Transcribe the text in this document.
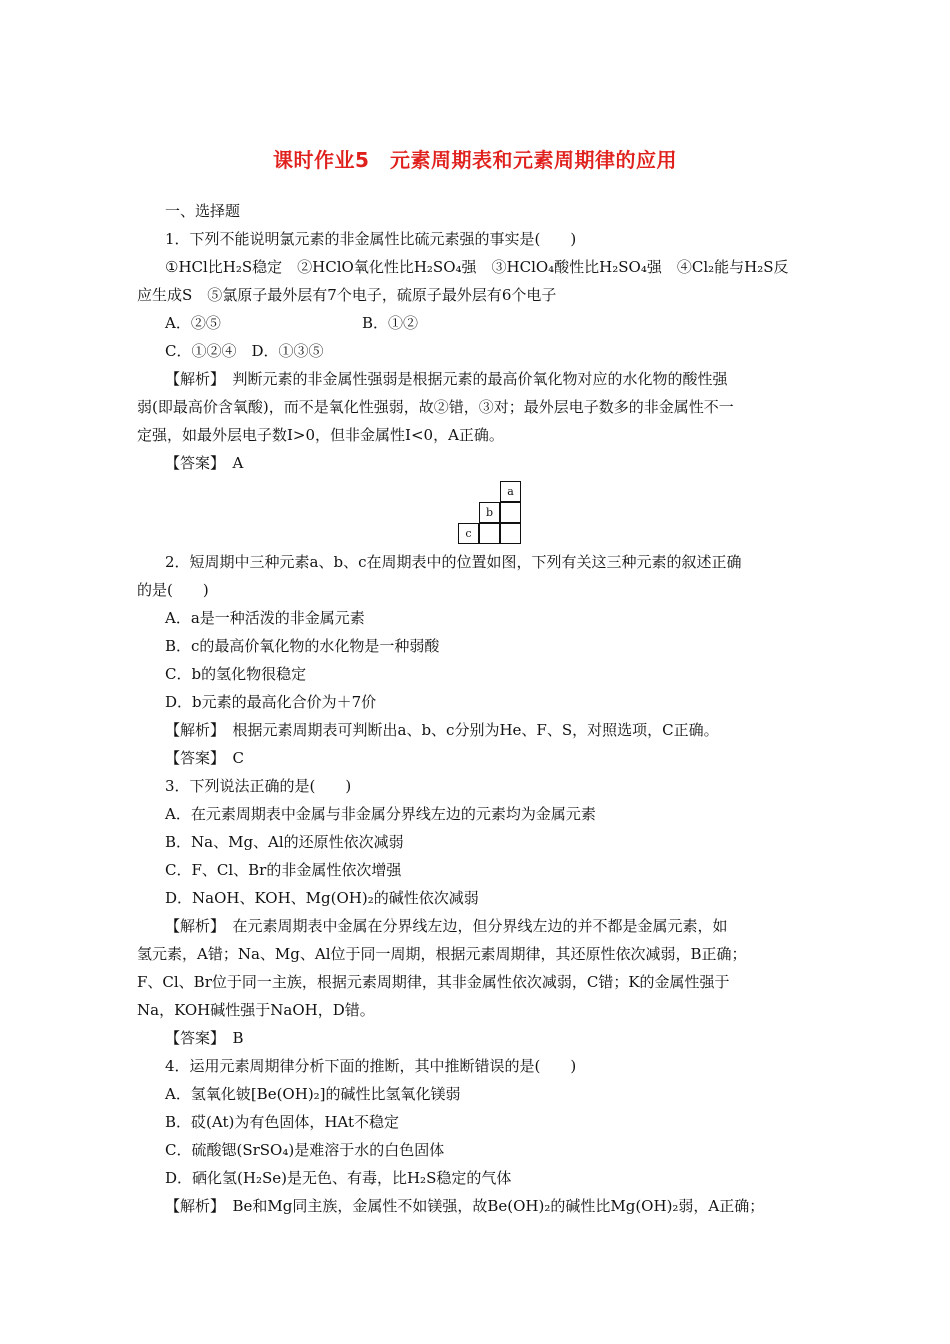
课时作业5　元素周期表和元素周期律的应用
一、选择题
1．下列不能说明氯元素的非金属性比硫元素强的事实是(　　)
①HCl比H₂S稳定　②HClO氧化性比H₂SO₄强　③HClO₄酸性比H₂SO₄强　④Cl₂能与H₂S反
应生成S　⑤氯原子最外层有7个电子，硫原子最外层有6个电子
A．②⑤	B．①②
C．①②④　D．①③⑤
【解析】　判断元素的非金属性强弱是根据元素的最高价氧化物对应的水化物的酸性强
弱(即最高价含氧酸)，而不是氧化性强弱，故②错，③对；最外层电子数多的非金属性不一
定强，如最外层电子数I>0，但非金属性I<0，A正确。
【答案】　A
a
b
c
2．短周期中三种元素a、b、c在周期表中的位置如图，下列有关这三种元素的叙述正确
的是(　　)
A．a是一种活泼的非金属元素
B．c的最高价氧化物的水化物是一种弱酸
C．b的氢化物很稳定
D．b元素的最高化合价为＋7价
【解析】　根据元素周期表可判断出a、b、c分别为He、F、S，对照选项，C正确。
【答案】　C
3．下列说法正确的是(　　)
A．在元素周期表中金属与非金属分界线左边的元素均为金属元素
B．Na、Mg、Al的还原性依次减弱
C．F、Cl、Br的非金属性依次增强
D．NaOH、KOH、Mg(OH)₂的碱性依次减弱
【解析】　在元素周期表中金属在分界线左边，但分界线左边的并不都是金属元素，如
氢元素，A错；Na、Mg、Al位于同一周期，根据元素周期律，其还原性依次减弱，B正确；
F、Cl、Br位于同一主族，根据元素周期律，其非金属性依次减弱，C错；K的金属性强于
Na，KOH碱性强于NaOH，D错。
【答案】　B
4．运用元素周期律分析下面的推断，其中推断错误的是(　　)
A．氢氧化铍[Be(OH)₂]的碱性比氢氧化镁弱
B．砹(At)为有色固体，HAt不稳定
C．硫酸锶(SrSO₄)是难溶于水的白色固体
D．硒化氢(H₂Se)是无色、有毒，比H₂S稳定的气体
【解析】　Be和Mg同主族，金属性不如镁强，故Be(OH)₂的碱性比Mg(OH)₂弱，A正确；
